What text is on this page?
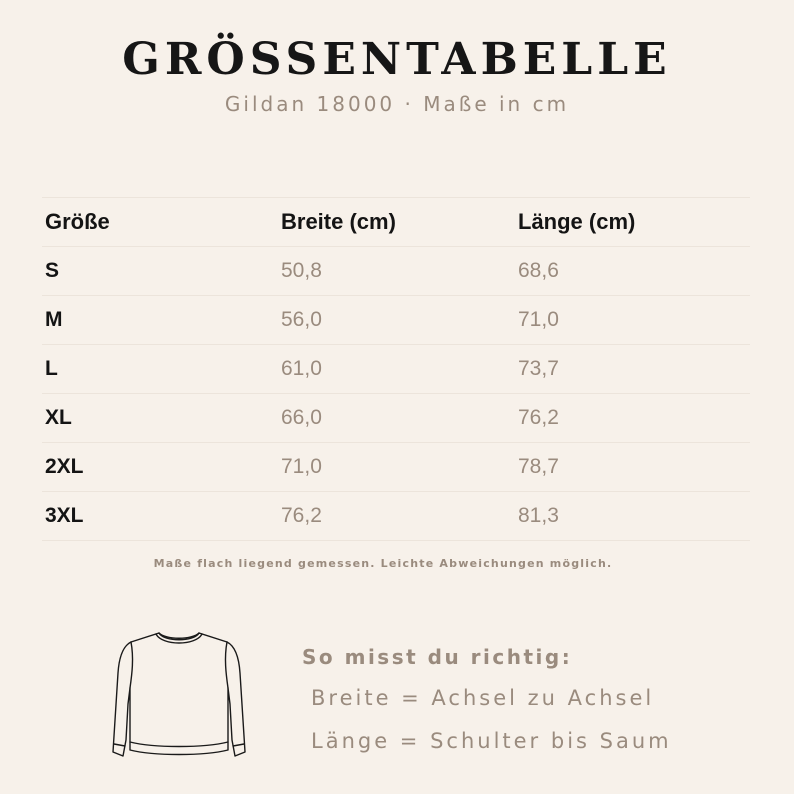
GRÖSSENTABELLE
Gildan 18000 · Maße in cm
Größe	Breite (cm)	Länge (cm)
S	50,8	68,6
M	56,0	71,0
L	61,0	73,7
XL	66,0	76,2
2XL	71,0	78,7
3XL	76,2	81,3
Maße flach liegend gemessen. Leichte Abweichungen möglich.
So misst du richtig:
Breite = Achsel zu Achsel
Länge = Schulter bis Saum
